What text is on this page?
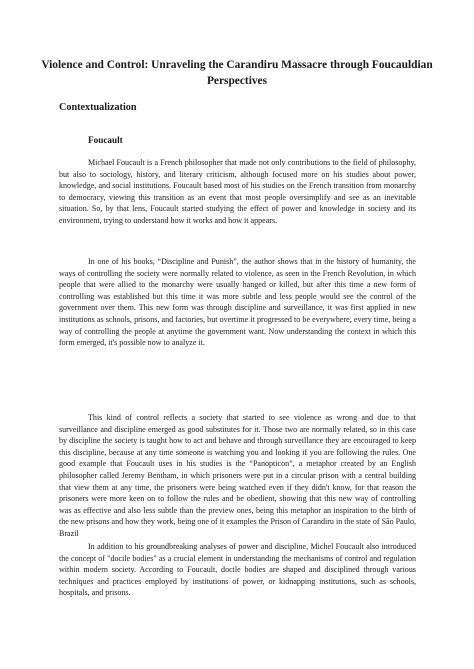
Violence and Control: Unraveling the Carandiru Massacre through Foucauldian Perspectives
Contextualization
Foucault

Michael Foucault is a French philosopher that made not only contributions to the field of philosophy, but also to sociology, history, and literary criticism, although focused more on his studies about power, knowledge, and social institutions. Foucault based most of his studies on the French transition from monarchy to democracy, viewing this transition as an event that most people oversimplify and see as an inevitable situation. So, by that lens, Foucault started studying the effect of power and knowledge in society and its environment, trying to understand how it works and how it appears.

In one of his books, “Discipline and Punish”, the author shows that in the history of humanity, the ways of controlling the society were normally related to violence, as seen in the French Revolution, in which people that were allied to the monarchy were usually hanged or killed, but after this time a new form of controlling was established but this time it was more subtle and less people would see the control of the government over them. This new form was through discipline and surveillance, it was first applied in new institutions as schools, prisons, and factories, but overtime it progressed to be everywhere, every time, being a way of controlling the people at anytime the government want. Now understanding the context in which this form emerged, it's possible now to analyze it.

This kind of control reflects a society that started to see violence as wrong and due to that surveillance and discipline emerged as good substitutes for it. Those two are normally related, so in this case by discipline the society is taught how to act and behave and through surveillance they are encouraged to keep this discipline, because at any time someone is watching you and looking if you are following the rules. One good example that Foucault uses in his studies is the “Panopticon”, a metaphor created by an English philosopher called Jeremy Bentham, in which prisoners were put in a circular prison with a central building that view them at any time, the prisoners were being watched even if they didn't know, for that reason the prisoners were more keen on to follow the rules and be obedient, showing that this new way of controlling was as effective and also less subtle than the preview ones, being this metaphor an inspiration to the birth of the new prisons and how they work, being one of it examples the Prison of Carandiru in the state of São Paulo, Brazil

In addition to his groundbreaking analyses of power and discipline, Michel Foucault also introduced the concept of "docile bodies" as a crucial element in understanding the mechanisms of control and regulation within modern society. According to Foucault, docile bodies are shaped and disciplined through various techniques and practices employed by institutions of power, or kidnapping institutions, such as schools, hospitals, and prisons.
